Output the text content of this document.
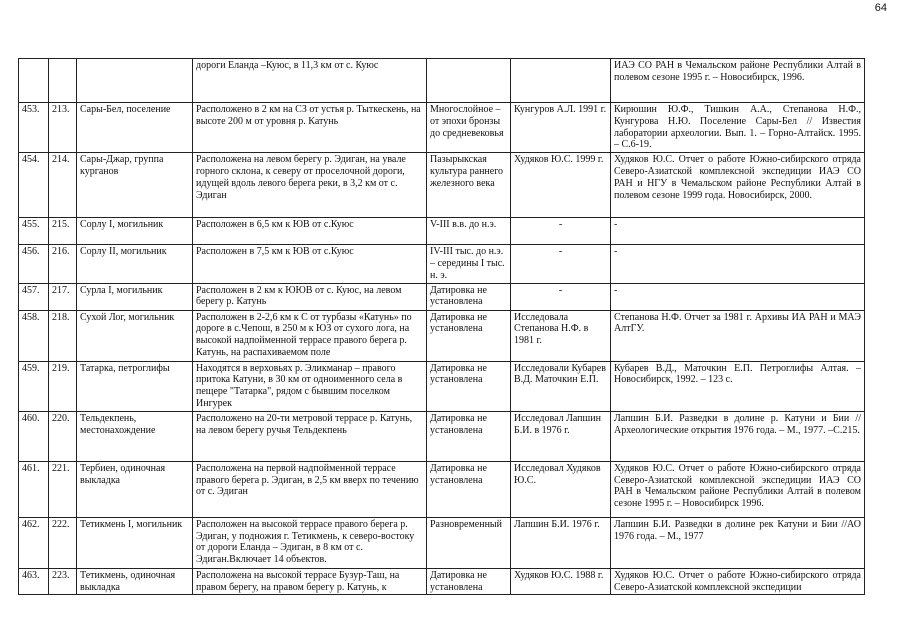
64
			дороги Еланда –Куюс, в 11,3 км от с. Куюс			ИАЭ СО РАН в Чемальском районе Республики Алтай в полевом сезоне 1995 г. – Новосибирск, 1996.
453.	213.	Сары-Бел, поселение	Расположено в 2 км на СЗ от устья р. Тыткескень, на высоте 200 м от уровня р. Катунь	Многослойное – от эпохи бронзы до средневековья	Кунгуров А.Л. 1991 г.	Кирюшин Ю.Ф., Тишкин А.А., Степанова Н.Ф., Кунгурова Н.Ю. Поселение Сары-Бел // Известия лаборатории археологии. Вып. 1. – Горно-Алтайск. 1995. – С.6-19.
454.	214.	Сары-Джар, группа курганов	Расположена на левом берегу р. Эдиган, на увале горного склона, к северу от проселочной дороги, идущей вдоль левого берега реки, в 3,2 км от с. Эдиган	Пазырыкская культура раннего железного века	Худяков Ю.С. 1999 г.	Худяков Ю.С. Отчет о работе Южно-сибирского отряда Северо-Азиатской комплексной экспедиции ИАЭ СО РАН и НГУ в Чемальском районе Республики Алтай в полевом сезоне 1999 года. Новосибирск, 2000.
455.	215.	Сорлу I, могильник	Расположен в 6,5 км к ЮВ от с.Куюс	V-III в.в. до н.э.	-	-
456.	216.	Сорлу II, могильник	Расположен в 7,5 км к ЮВ от с.Куюс	IV-III тыс. до н.э. – середины I тыс. н. э.	-	-
457.	217.	Сурла I, могильник	Расположен в 2 км к ЮЮВ от с. Куюс, на левом берегу р. Катунь	Датировка не установлена	-	-
458.	218.	Сухой Лог, могильник	Расположен в 2-2,6 км к С от турбазы «Катунь» по дороге в с.Чепош, в 250 м к ЮЗ от сухого лога, на высокой надпойменной террасе правого берега р. Катунь, на распахиваемом поле	Датировка не установлена	Исследовала Степанова Н.Ф. в 1981 г.	Степанова Н.Ф. Отчет за 1981 г. Архивы ИА РАН и МАЭ АлтГУ.
459.	219.	Татарка, петроглифы	Находятся в верховьях р. Эликманар – правого притока Катуни, в 30 км от одноименного села в пещере "Татарка", рядом с бывшим поселком Ингурек	Датировка не установлена	Исследовали Кубарев В.Д. Маточкин Е.П.	Кубарев В.Д., Маточкин Е.П. Петроглифы Алтая. – Новосибирск, 1992. – 123 с.
460.	220.	Тельдекпень, местонахождение	Расположено на 20-ти метровой террасе р. Катунь, на левом берегу ручья Тельдекпень	Датировка не установлена	Исследовал Лапшин Б.И. в 1976 г.	Лапшин Б.И. Разведки в долине р. Катуни и Бии //Археологические открытия 1976 года. – М., 1977. –С.215.
461.	221.	Тербиен, одиночная выкладка	Расположена на первой надпойменной террасе правого берега р. Эдиган, в 2,5 км вверх по течению от с. Эдиган	Датировка не установлена	Исследовал Худяков Ю.С.	Худяков Ю.С. Отчет о работе Южно-сибирского отряда Северо-Азиатской комплексной экспедиции ИАЭ СО РАН в Чемальском районе Республики Алтай в полевом сезоне 1995 г. – Новосибирск 1996.
462.	222.	Тетикмень I, могильник	Расположен на высокой террасе правого берега р. Эдиган, у подножия г. Тетикмень, к северо-востоку от дороги Еланда – Эдиган, в 8 км от с. Эдиган.Включает 14 объектов.	Разновременный	Лапшин Б.И. 1976 г.	Лапшин Б.И. Разведки в долине рек Катуни и Бии //АО 1976 года. – М., 1977
463.	223.	Тетикмень, одиночная выкладка	Расположена на высокой террасе Бузур-Таш, на правом берегу, на правом берегу р. Катунь, к	Датировка не установлена	Худяков Ю.С. 1988 г.	Худяков Ю.С. Отчет о работе Южно-сибирского отряда Северо-Азиатской комплексной экспедиции
